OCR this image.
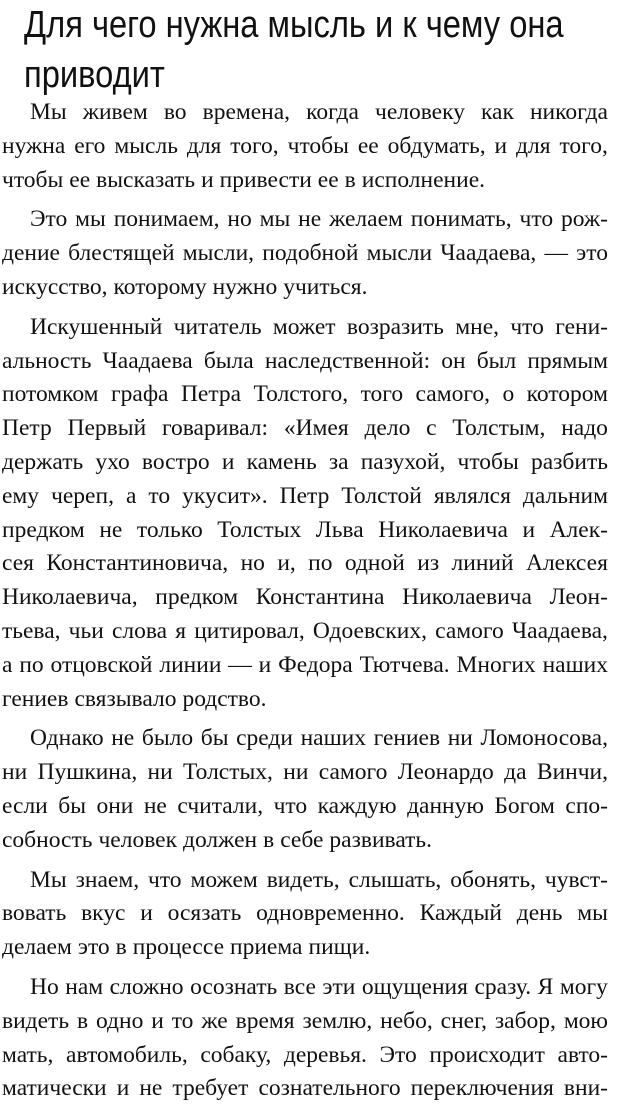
Для чего нужна мысль и к чему она
приводит
Мы живем во времена, когда человеку как никогда
нужна его мысль для того, чтобы ее обдумать, и для того,
чтобы ее высказать и привести ее в исполнение.
Это мы понимаем, но мы не желаем понимать, что рож-
дение блестящей мысли, подобной мысли Чаадаева, — это
искусство, которому нужно учиться.
Искушенный читатель может возразить мне, что гени-
альность Чаадаева была наследственной: он был прямым
потомком графа Петра Толстого, того самого, о котором
Петр Первый говаривал: «Имея дело с Толстым, надо
держать ухо востро и камень за пазухой, чтобы разбить
ему череп, а то укусит». Петр Толстой являлся дальним
предком не только Толстых Льва Николаевича и Алек-
сея Константиновича, но и, по одной из линий Алексея
Николаевича, предком Константина Николаевича Леон-
тьева, чьи слова я цитировал, Одоевских, самого Чаадаева,
а по отцовской линии — и Федора Тютчева. Многих наших
гениев связывало родство.
Однако не было бы среди наших гениев ни Ломоносова,
ни Пушкина, ни Толстых, ни самого Леонардо да Винчи,
если бы они не считали, что каждую данную Богом спо-
собность человек должен в себе развивать.
Мы знаем, что можем видеть, слышать, обонять, чувст-
вовать вкус и осязать одновременно. Каждый день мы
делаем это в процессе приема пищи.
Но нам сложно осознать все эти ощущения сразу. Я могу
видеть в одно и то же время землю, небо, снег, забор, мою
мать, автомобиль, собаку, деревья. Это происходит авто-
матически и не требует сознательного переключения вни-
